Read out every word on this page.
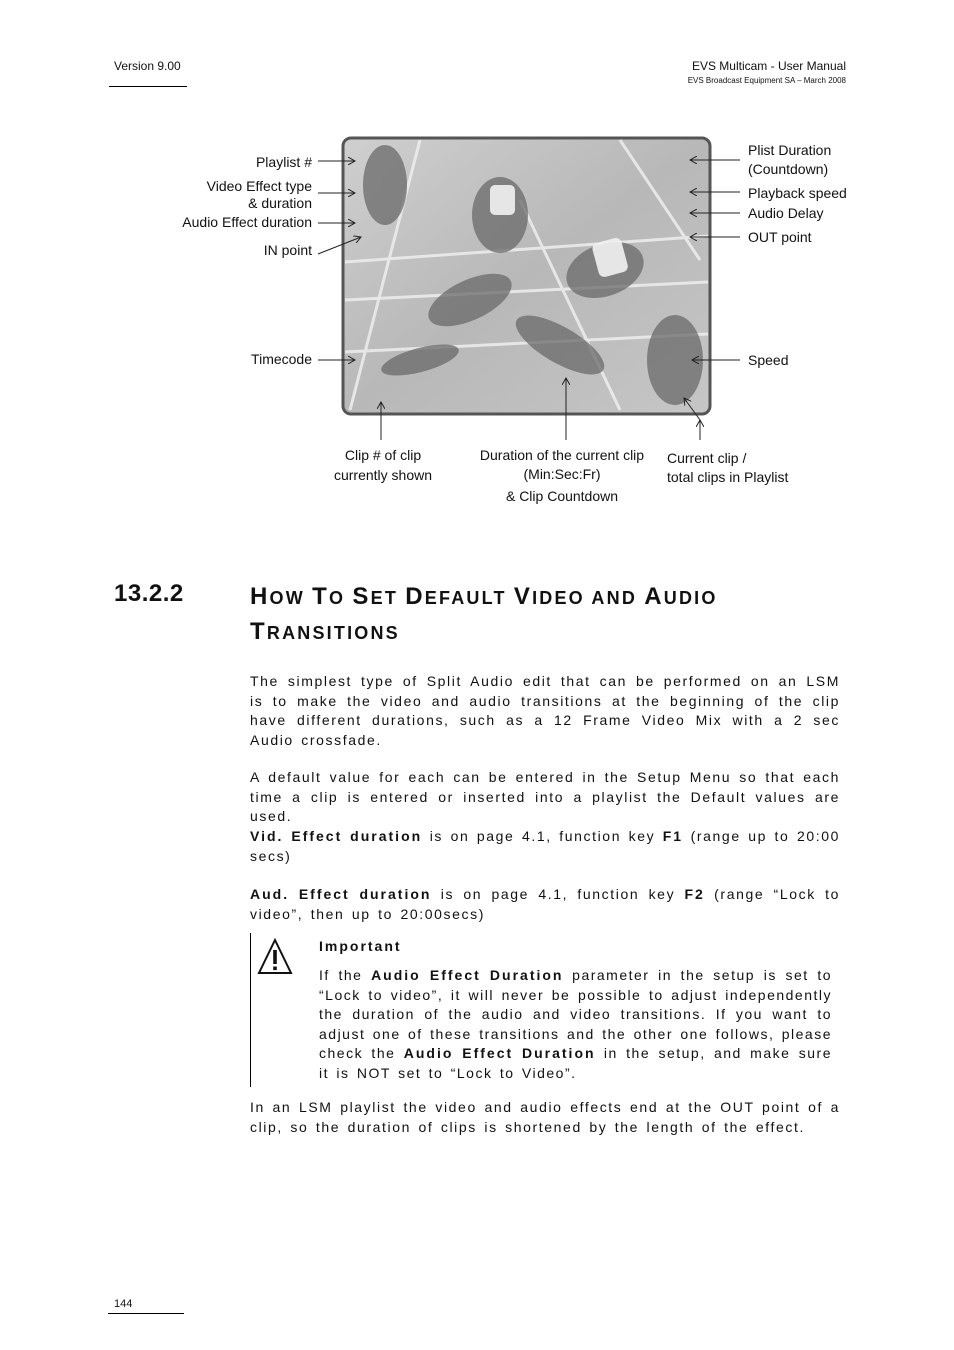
Version 9.00	EVS Multicam - User Manual
EVS Broadcast Equipment SA – March 2008
Playlist #
Video Effect type
& duration
Audio Effect duration
IN point
Timecode
Plist Duration
(Countdown)
Playback speed
Audio Delay
OUT point
Speed
Clip # of clip
currently shown
Duration of the current clip
(Min:Sec:Fr)
& Clip Countdown
Current clip /
total clips in Playlist
13.2.2	HOW TO SET DEFAULT VIDEO AND AUDIO
TRANSITIONS
The simplest type of Split Audio edit that can be performed on an LSM is to make the video and audio transitions at the beginning of the clip have different durations, such as a 12 Frame Video Mix with a 2 sec Audio crossfade.
A default value for each can be entered in the Setup Menu so that each time a clip is entered or inserted into a playlist the Default values are used.
Vid. Effect duration is on page 4.1, function key F1 (range up to 20:00 secs)
Aud. Effect duration is on page 4.1, function key F2 (range “Lock to video”, then up to 20:00secs)
Important
If the Audio Effect Duration parameter in the setup is set to “Lock to video”, it will never be possible to adjust independently the duration of the audio and video transitions. If you want to adjust one of these transitions and the other one follows, please check the Audio Effect Duration in the setup, and make sure it is NOT set to “Lock to Video”.
In an LSM playlist the video and audio effects end at the OUT point of a clip, so the duration of clips is shortened by the length of the effect.
144
